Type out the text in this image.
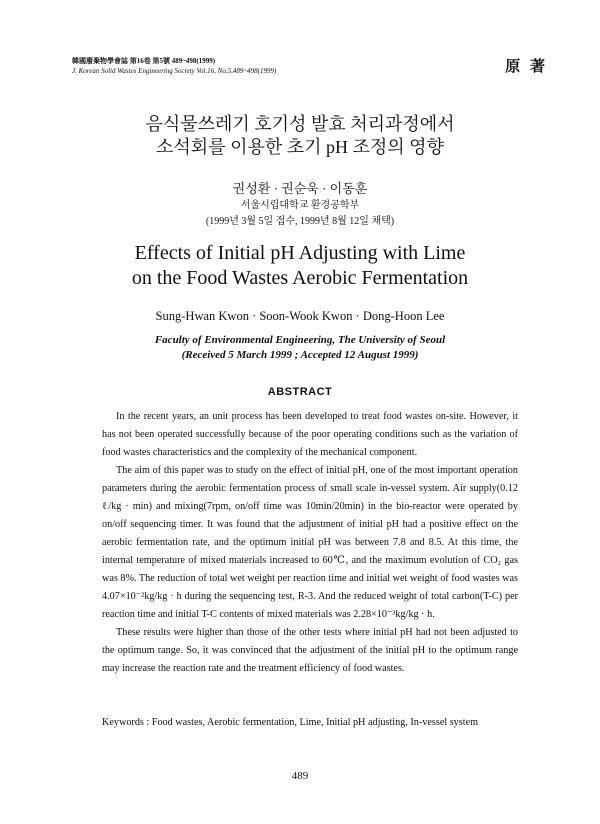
韓國廢棄物學會誌 第16卷 第5號 489~498(1999)
J. Korean Solid Wastes Engineering Society Vol.16, No.5,489~498(1999)	原 著
음식물쓰레기 호기성 발효 처리과정에서
소석회를 이용한 초기 pH 조정의 영향
권성환 · 권순욱 · 이동훈
서울시립대학교 환경공학부
(1999년 3월 5일 접수, 1999년 8월 12일 채택)
Effects of Initial pH Adjusting with Lime
on the Food Wastes Aerobic Fermentation
Sung-Hwan Kwon · Soon-Wook Kwon · Dong-Hoon Lee
Faculty of Environmental Engineering, The University of Seoul
(Received 5 March 1999 ; Accepted 12 August 1999)
ABSTRACT

In the recent years, an unit process has been developed to treat food wastes on-site. However, it has not been operated successfully because of the poor operating conditions such as the variation of food wastes characteristics and the complexity of the mechanical component.

The aim of this paper was to study on the effect of initial pH, one of the most important operation parameters during the aerobic fermentation process of small scale in-vessel system. Air supply(0.12 ℓ/kg · min) and mixing(7rpm, on/off time was 10min/20min) in the bio-reactor were operated by on/off sequencing timer. It was found that the adjustment of initial pH had a positive effect on the aerobic fermentation rate, and the optimum initial pH was between 7.8 and 8.5. At this time, the internal temperature of mixed materials increased to 60℃, and the maximum evolution of CO₂ gas was 8%. The reduction of total wet weight per reaction time and initial wet weight of food wastes was 4.07×10⁻²kg/kg · h during the sequencing test, R-3. And the reduced weight of total carbon(T-C) per reaction time and initial T-C contents of mixed materials was 2.28×10⁻³kg/kg · h.

These results were higher than those of the other tests where initial pH had not been adjusted to the optimum range. So, it was convinced that the adjustment of the initial pH to the optimum range may increase the reaction rate and the treatment efficiency of food wastes.

Keywords : Food wastes, Aerobic fermentation, Lime, Initial pH adjusting, In-vessel system
489
